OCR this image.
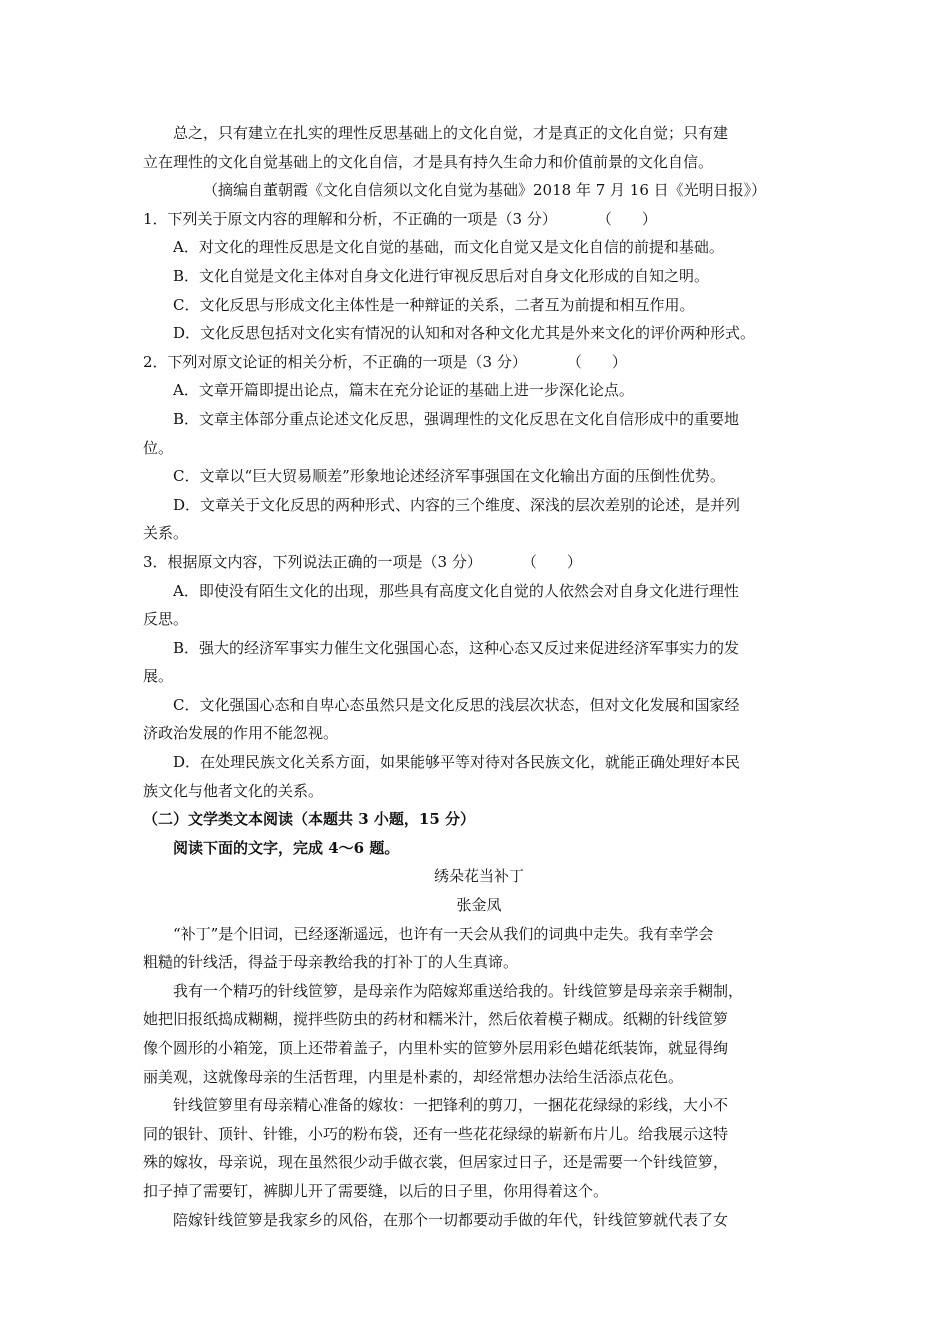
总之，只有建立在扎实的理性反思基础上的文化自觉，才是真正的文化自觉；只有建

立在理性的文化自觉基础上的文化自信，才是具有持久生命力和价值前景的文化自信。

（摘编自董朝霞《文化自信须以文化自觉为基础》2018 年 7 月 16 日《光明日报》）

1．下列关于原文内容的理解和分析，不正确的一项是（3 分）	（　　）

A．对文化的理性反思是文化自觉的基础，而文化自觉又是文化自信的前提和基础。

B．文化自觉是文化主体对自身文化进行审视反思后对自身文化形成的自知之明。

C．文化反思与形成文化主体性是一种辩证的关系，二者互为前提和相互作用。

D．文化反思包括对文化实有情况的认知和对各种文化尤其是外来文化的评价两种形式。

2．下列对原文论证的相关分析，不正确的一项是（3 分）	（　　）

A．文章开篇即提出论点，篇末在充分论证的基础上进一步深化论点。

B．文章主体部分重点论述文化反思，强调理性的文化反思在文化自信形成中的重要地

位。

C．文章以“巨大贸易顺差”形象地论述经济军事强国在文化输出方面的压倒性优势。

D．文章关于文化反思的两种形式、内容的三个维度、深浅的层次差别的论述，是并列

关系。

3．根据原文内容，下列说法正确的一项是（3 分）	（　　）

A．即使没有陌生文化的出现，那些具有高度文化自觉的人依然会对自身文化进行理性

反思。

B．强大的经济军事实力催生文化强国心态，这种心态又反过来促进经济军事实力的发

展。

C．文化强国心态和自卑心态虽然只是文化反思的浅层次状态，但对文化发展和国家经

济政治发展的作用不能忽视。

D．在处理民族文化关系方面，如果能够平等对待对各民族文化，就能正确处理好本民

族文化与他者文化的关系。

（二）文学类文本阅读（本题共 3 小题，15 分）

阅读下面的文字，完成 4～6 题。

绣朵花当补丁

张金凤

“补丁”是个旧词，已经逐渐遥远，也许有一天会从我们的词典中走失。我有幸学会

粗糙的针线活，得益于母亲教给我的打补丁的人生真谛。

我有一个精巧的针线笸箩，是母亲作为陪嫁郑重送给我的。针线笸箩是母亲亲手糊制，

她把旧报纸捣成糊糊，搅拌些防虫的药材和糯米汁，然后依着模子糊成。纸糊的针线笸箩

像个圆形的小箱笼，顶上还带着盖子，内里朴实的笸箩外层用彩色蜡花纸装饰，就显得绚

丽美观，这就像母亲的生活哲理，内里是朴素的，却经常想办法给生活添点花色。

针线笸箩里有母亲精心准备的嫁妆：一把锋利的剪刀，一捆花花绿绿的彩线，大小不

同的银针、顶针、针锥，小巧的粉布袋，还有一些花花绿绿的崭新布片儿。给我展示这特

殊的嫁妆，母亲说，现在虽然很少动手做衣裳，但居家过日子，还是需要一个针线笸箩，

扣子掉了需要钉，裤脚儿开了需要缝，以后的日子里，你用得着这个。

陪嫁针线笸箩是我家乡的风俗，在那个一切都要动手做的年代，针线笸箩就代表了女
